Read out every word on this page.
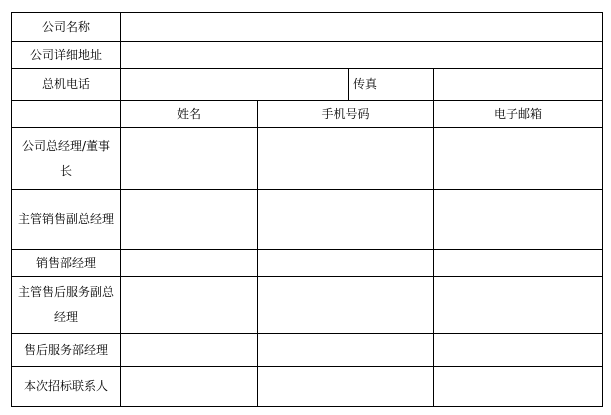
公司名称				
公司详细地址				
总机电话			传真	
	姓名	手机号码		电子邮箱
公司总经理/董事长				
主管销售副总经理				
销售部经理				
主管售后服务副总经理				
售后服务部经理				
本次招标联系人				
